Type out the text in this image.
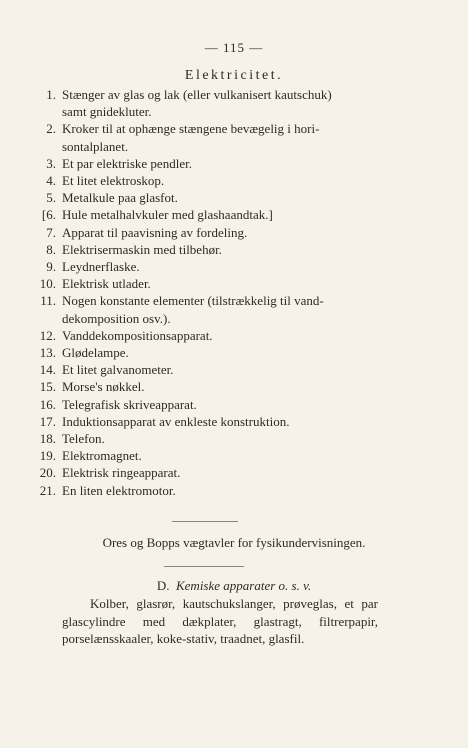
— 115 —
Elektricitet.
1. Stænger av glas og lak (eller vulkanisert kautschuk)
samt gnidekluter.
2. Kroker til at ophænge stængene bevægelig i hori-
sontalplanet.
3. Et par elektriske pendler.
4. Et litet elektroskop.
5. Metalkule paa glasfot.
[6. Hule metalhalvkuler med glashaandtak.]
7. Apparat til paavisning av fordeling.
8. Elektrisermaskin med tilbehør.
9. Leydnerflaske.
10. Elektrisk utlader.
11. Nogen konstante elementer (tilstrækkelig til vand-
dekomposition osv.).
12. Vanddekompositionsapparat.
13. Glødelampe.
14. Et litet galvanometer.
15. Morse's nøkkel.
16. Telegrafisk skriveapparat.
17. Induktionsapparat av enkleste konstruktion.
18. Telefon.
19. Elektromagnet.
20. Elektrisk ringeapparat.
21. En liten elektromotor.
Ores og Bopps vægtavler for fysikundervisningen.
D. Kemiske apparater o. s. v.
Kolber, glasrør, kautschukslanger, prøveglas, et par glascylindre med dækplater, glastragt, filtrerpapir, porselænsskaaler, koke-stativ, traadnet, glasfil.
